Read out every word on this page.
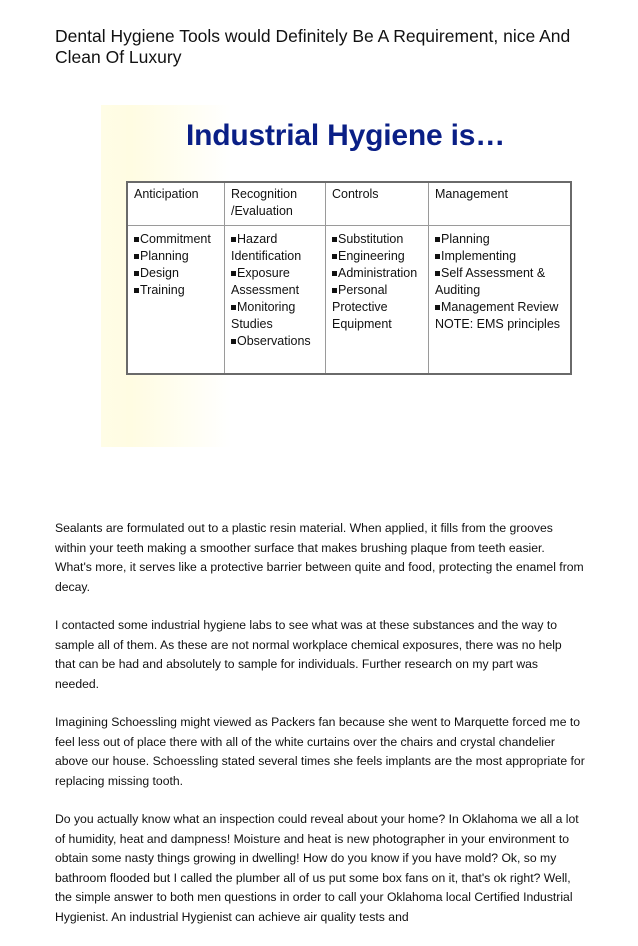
Dental Hygiene Tools would Definitely Be A Requirement, nice And Clean Of Luxury
Industrial Hygiene is…
Anticipation	Recognition /Evaluation
Controls	Management
Commitment
Planning
Design
Training
Hazard Identification
Exposure Assessment
Monitoring Studies
Observations
Substitution
Engineering
Administration
Personal Protective Equipment
Planning
Implementing
Self Assessment & Auditing
Management Review
NOTE: EMS principles

Sealants are formulated out to a plastic resin material. When applied, it fills from the grooves within your teeth making a smoother surface that makes brushing plaque from teeth easier. What's more, it serves like a protective barrier between quite and food, protecting the enamel from decay.

I contacted some industrial hygiene labs to see what was at these substances and the way to sample all of them. As these are not normal workplace chemical exposures, there was no help that can be had and absolutely to sample for individuals. Further research on my part was needed.

Imagining Schoessling might viewed as Packers fan because she went to Marquette forced me to feel less out of place there with all of the white curtains over the chairs and crystal chandelier above our house. Schoessling stated several times she feels implants are the most appropriate for replacing missing tooth.

Do you actually know what an inspection could reveal about your home? In Oklahoma we all a lot of humidity, heat and dampness! Moisture and heat is new photographer in your environment to obtain some nasty things growing in dwelling! How do you know if you have mold? Ok, so my bathroom flooded but I called the plumber all of us put some box fans on it, that's ok right? Well, the simple answer to both men questions in order to call your Oklahoma local Certified Industrial Hygienist. An industrial Hygienist can achieve air quality tests and
